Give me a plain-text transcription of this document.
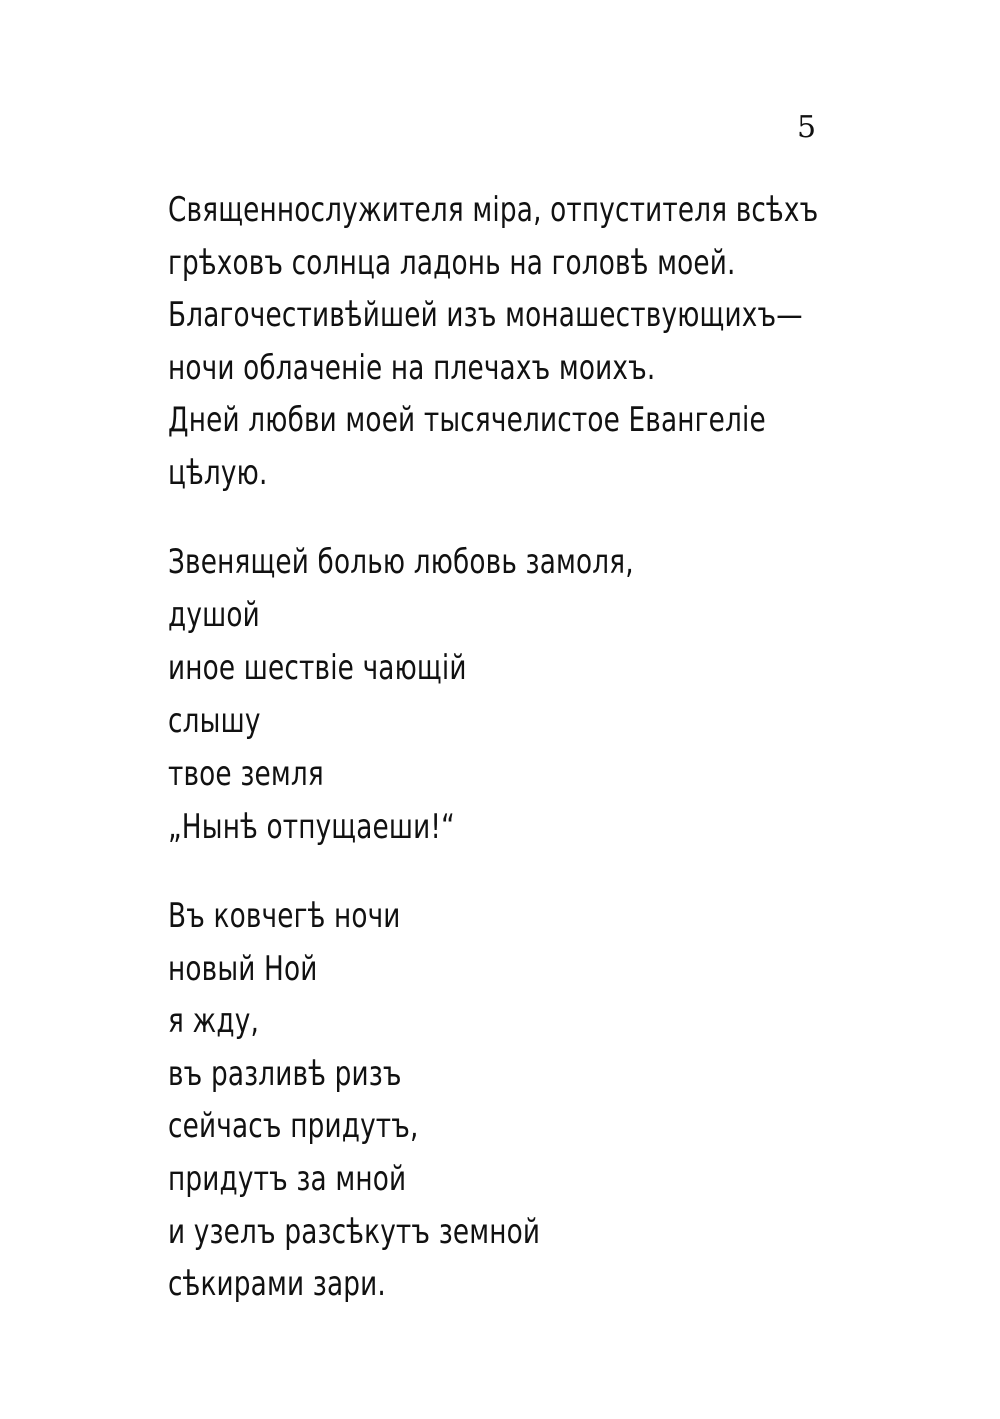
5
Священнослужителя міра, отпустителя всѣхъ
грѣховъ солнца ладонь на головѣ моей.
Благочестивѣйшей изъ монашествующихъ—
ночи облаченіе на плечахъ моихъ.
Дней любви моей тысячелистое Евангеліе
цѣлую.
Звенящей болью любовь замоля,
душой
иное шествіе чающій
слышу
твое земля
„Нынѣ отпущаеши!“
Въ ковчегѣ ночи
новый Ной
я жду,
въ разливѣ ризъ
сейчасъ придутъ,
придутъ за мной
и узелъ разсѣкутъ земной
сѣкирами зари.
